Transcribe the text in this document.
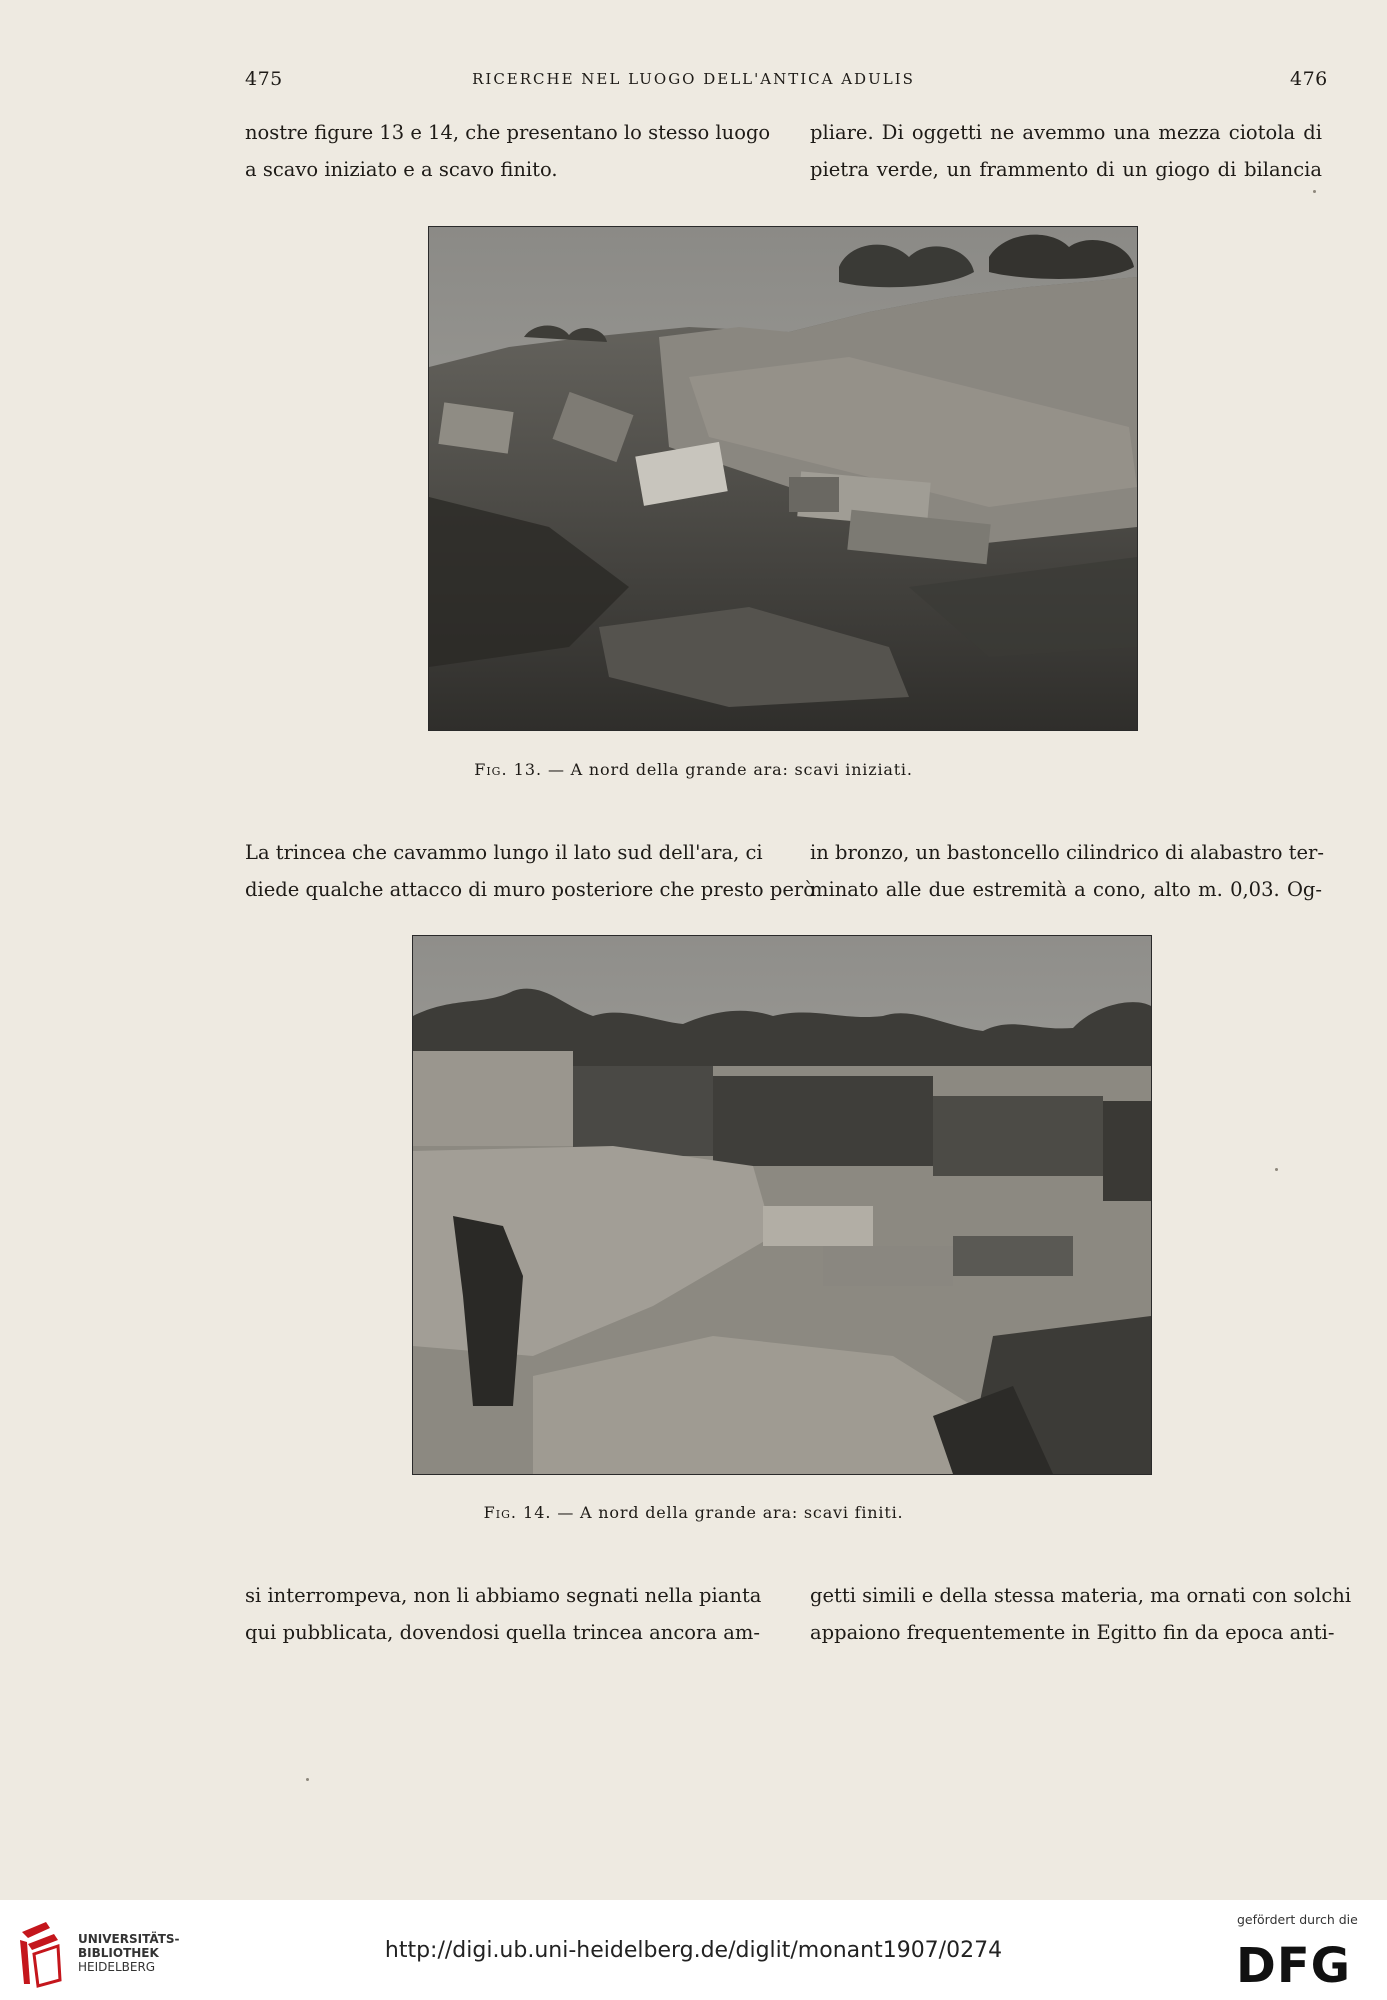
475	RICERCHE NEL LUOGO DELL'ANTICA ADULIS	476
nostre figure 13 e 14, che presentano lo stesso luogo
a scavo iniziato e a scavo finito.
pliare. Di oggetti ne avemmo una mezza ciotola di
pietra verde, un frammento di un giogo di bilancia
Fig. 13. — A nord della grande ara: scavi iniziati.
La trincea che cavammo lungo il lato sud dell'ara, ci
diede qualche attacco di muro posteriore che presto però
in bronzo, un bastoncello cilindrico di alabastro ter-
minato alle due estremità a cono, alto m. 0,03. Og-
Fig. 14. — A nord della grande ara: scavi finiti.
si interrompeva, non li abbiamo segnati nella pianta
qui pubblicata, dovendosi quella trincea ancora am-
getti simili e della stessa materia, ma ornati con solchi
appaiono frequentemente in Egitto fin da epoca anti-
UNIVERSITÄTS-
BIBLIOTHEK
HEIDELBERG
http://digi.ub.uni-heidelberg.de/diglit/monant1907/0274
gefördert durch die
DFG
